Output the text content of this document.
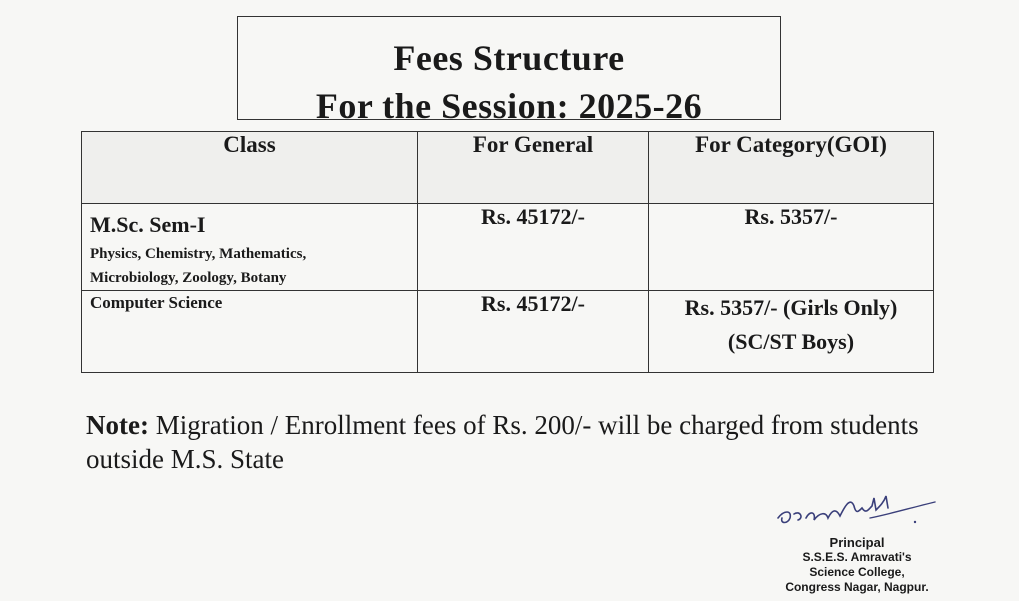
Fees Structure
For the Session: 2025-26
Class	For General	For Category(GOI)

M.Sc. Sem-I
Physics, Chemistry, Mathematics,
Microbiology, Zoology, Botany	Rs. 45172/-	Rs. 5357/-

Computer Science	Rs. 45172/-	Rs. 5357/- (Girls Only)
(SC/ST Boys)
Note: Migration / Enrollment fees of Rs. 200/- will be charged from students outside M.S. State
Principal
S.S.E.S. Amravati's
Science College,
Congress Nagar, Nagpur.
